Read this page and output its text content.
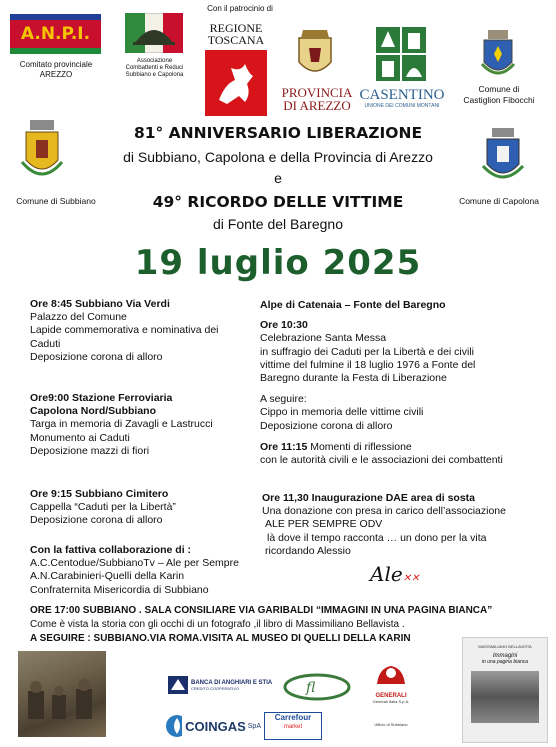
A.N.P.I.
Comitato provinciale
AREZZO
Associazione
Combattenti e Reduci
Subbiano e Capolona
Con il patrocinio di
REGIONE
TOSCANA
PROVINCIA
DI AREZZO
CASENTINO
UNIONE DEI COMUNI MONTANI
Comune di
Castiglion Fibocchi
Comune di Subbiano	Comune di Capolona
81° ANNIVERSARIO LIBERAZIONE
di Subbiano, Capolona e della Provincia di Arezzo
e
49° RICORDO DELLE VITTIME
di Fonte del Baregno
19 luglio 2025
Ore 8:45 Subbiano Via Verdi
Palazzo del Comune
Lapide commemorativa e nominativa dei
Caduti
Deposizione corona di alloro
Ore9:00 Stazione Ferroviaria
Capolona Nord/Subbiano
Targa in memoria di Zavagli e Lastrucci
Monumento ai Caduti
Deposizione mazzi di fiori
Ore 9:15 Subbiano Cimitero
Cappella “Caduti per la Libertà”
Deposizione corona di alloro
Con la fattiva collaborazione di :
A.C.Centodue/SubbianoTv – Ale per Sempre
A.N.Carabinieri-Quelli della Karin
Confraternita Misericordia di Subbiano
Alpe di Catenaia – Fonte del Baregno
Ore 10:30
Celebrazione Santa Messa
in suffragio dei Caduti per la Libertà e dei civili
vittime del fulmine il 18 luglio 1976 a Fonte del
Baregno durante la Festa di Liberazione
A seguire:
Cippo in memoria delle vittime civili
Deposizione corona di alloro
Ore 11:15 Momenti di riflessione
con le autorità civili e le associazioni dei combattenti
Ore 11,30 Inaugurazione DAE area di sosta
Una donazione con presa in carico dell’associazione
ALE PER SEMPRE ODV
là dove il tempo racconta … un dono per la vita
ricordando Alessio
Ale✕✕
ORE 17:00 SUBBIANO . SALA CONSILIARE VIA GARIBALDI “IMMAGINI IN UNA PAGINA BIANCA”
Come è vista la storia con gli occhi di un fotografo ,il libro di Massimiliano Bellavista .
A SEGUIRE : SUBBIANO.VIA ROMA.VISITA AL MUSEO DI QUELLI DELLA KARIN
MASSIMILIANO BELLAVISTA
Immagini
in una pagina bianca
BANCA DI ANGHIARI E STIA
CREDITO COOPERATIVO	fl	GENERALI
Generali Italia S.p.A.
Ufficio di Subbiano
COINGAS SpA
Carrefour
market
